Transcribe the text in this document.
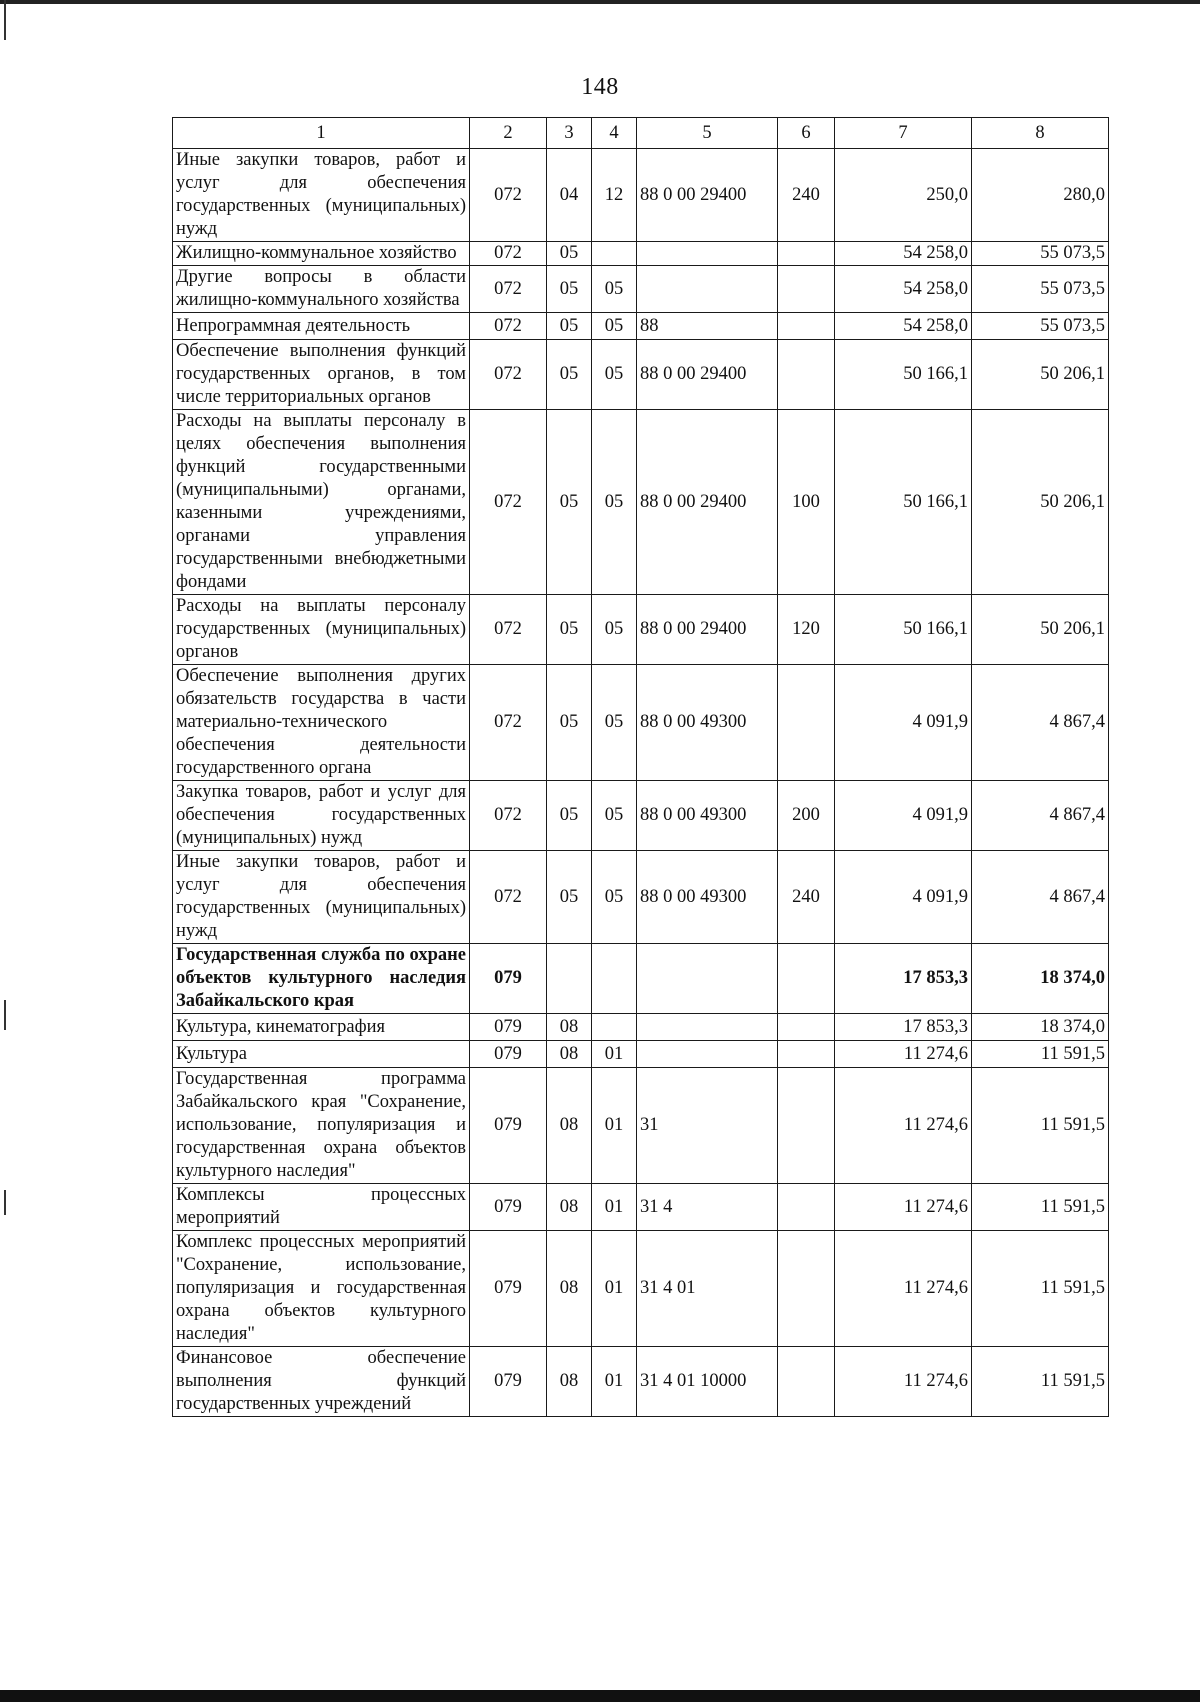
148
1	2	3	4	5	6	7	8
Иные закупки товаров, работ и услуг для обеспечения государственных (муниципальных) нужд	072	04	12	88 0 00 29400	240	250,0	280,0
Жилищно-коммунальное хозяйство	072	05				54 258,0	55 073,5
Другие вопросы в области жилищно-коммунального хозяйства	072	05	05			54 258,0	55 073,5
Непрограммная деятельность	072	05	05	88		54 258,0	55 073,5
Обеспечение выполнения функций государственных органов, в том числе территориальных органов	072	05	05	88 0 00 29400		50 166,1	50 206,1
Расходы на выплаты персоналу в целях обеспечения выполнения функций государственными (муниципальными) органами, казенными учреждениями, органами управления государственными внебюджетными фондами	072	05	05	88 0 00 29400	100	50 166,1	50 206,1
Расходы на выплаты персоналу государственных (муниципальных) органов	072	05	05	88 0 00 29400	120	50 166,1	50 206,1
Обеспечение выполнения других обязательств государства в части материально-технического обеспечения деятельности государственного органа	072	05	05	88 0 00 49300		4 091,9	4 867,4
Закупка товаров, работ и услуг для обеспечения государственных (муниципальных) нужд	072	05	05	88 0 00 49300	200	4 091,9	4 867,4
Иные закупки товаров, работ и услуг для обеспечения государственных (муниципальных) нужд	072	05	05	88 0 00 49300	240	4 091,9	4 867,4
Государственная служба по охране объектов культурного наследия Забайкальского края	079					17 853,3	18 374,0
Культура, кинематография	079	08				17 853,3	18 374,0
Культура	079	08	01			11 274,6	11 591,5
Государственная программа Забайкальского края "Сохранение, использование, популяризация и государственная охрана объектов культурного наследия"	079	08	01	31		11 274,6	11 591,5
Комплексы процессных мероприятий	079	08	01	31 4		11 274,6	11 591,5
Комплекс процессных мероприятий "Сохранение, использование, популяризация и государственная охрана объектов культурного наследия"	079	08	01	31 4 01		11 274,6	11 591,5
Финансовое обеспечение выполнения функций государственных учреждений	079	08	01	31 4 01 10000		11 274,6	11 591,5
